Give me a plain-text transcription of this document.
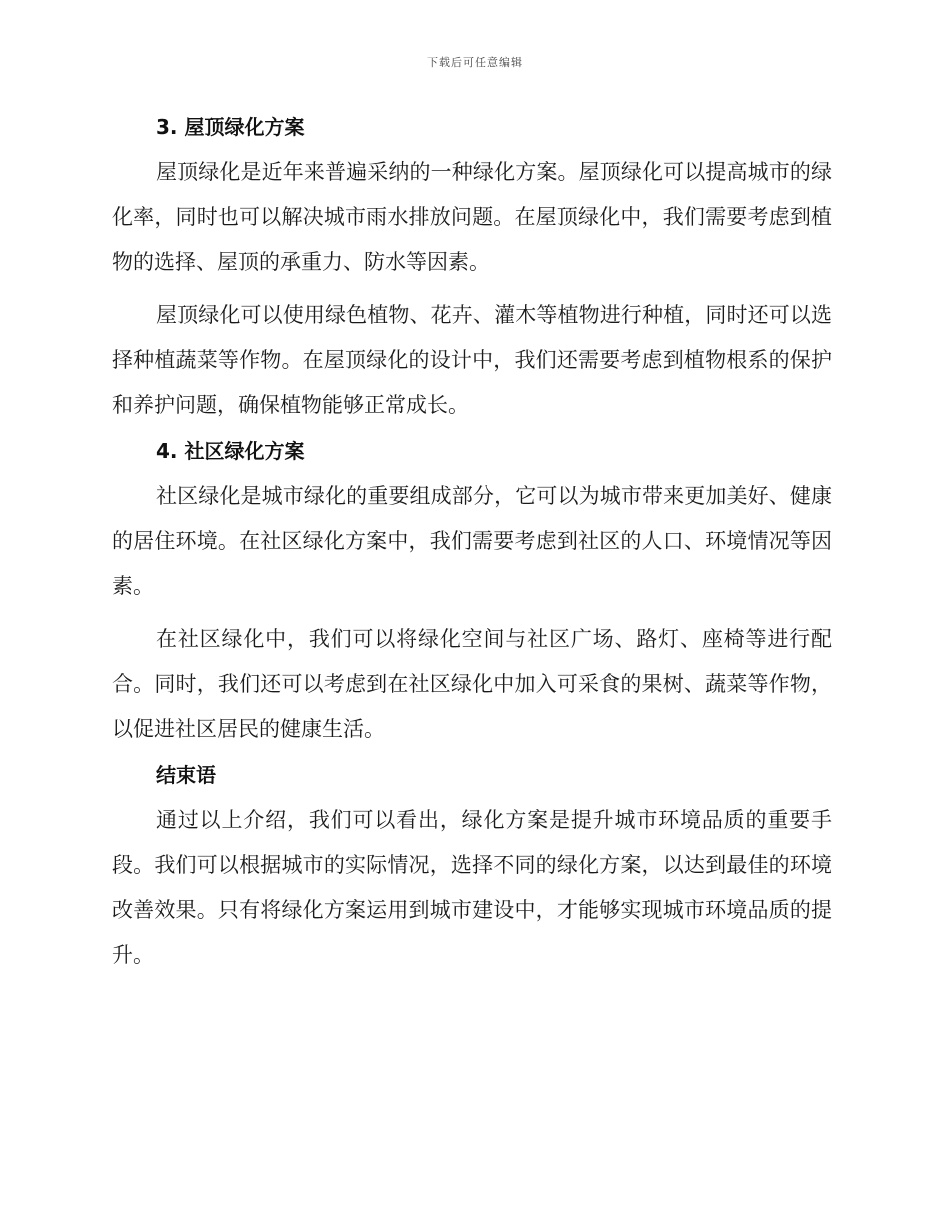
下载后可任意编辑
3. 屋顶绿化方案

屋顶绿化是近年来普遍采纳的一种绿化方案。屋顶绿化可以提高城市的绿化率，同时也可以解决城市雨水排放问题。在屋顶绿化中，我们需要考虑到植物的选择、屋顶的承重力、防水等因素。

屋顶绿化可以使用绿色植物、花卉、灌木等植物进行种植，同时还可以选择种植蔬菜等作物。在屋顶绿化的设计中，我们还需要考虑到植物根系的保护和养护问题，确保植物能够正常成长。

4. 社区绿化方案

社区绿化是城市绿化的重要组成部分，它可以为城市带来更加美好、健康的居住环境。在社区绿化方案中，我们需要考虑到社区的人口、环境情况等因素。

在社区绿化中，我们可以将绿化空间与社区广场、路灯、座椅等进行配合。同时，我们还可以考虑到在社区绿化中加入可采食的果树、蔬菜等作物，以促进社区居民的健康生活。

结束语

通过以上介绍，我们可以看出，绿化方案是提升城市环境品质的重要手段。我们可以根据城市的实际情况，选择不同的绿化方案，以达到最佳的环境改善效果。只有将绿化方案运用到城市建设中，才能够实现城市环境品质的提升。
